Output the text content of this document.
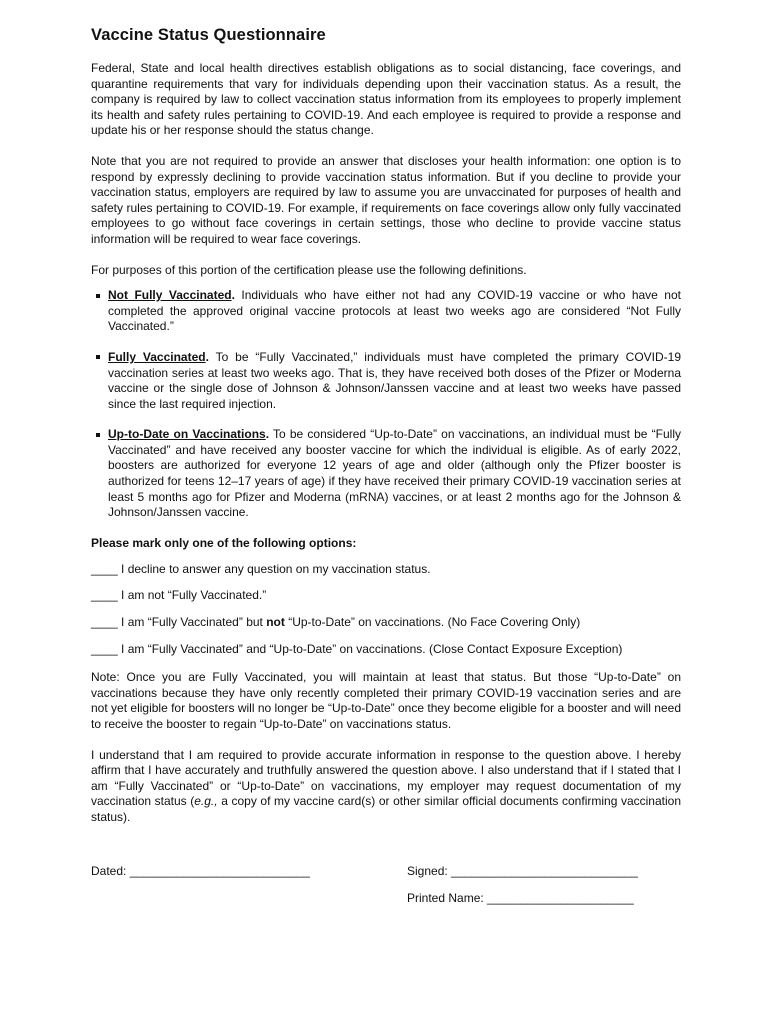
Vaccine Status Questionnaire

Federal, State and local health directives establish obligations as to social distancing, face coverings, and quarantine requirements that vary for individuals depending upon their vaccination status. As a result, the company is required by law to collect vaccination status information from its employees to properly implement its health and safety rules pertaining to COVID-19. And each employee is required to provide a response and update his or her response should the status change.

Note that you are not required to provide an answer that discloses your health information: one option is to respond by expressly declining to provide vaccination status information. But if you decline to provide your vaccination status, employers are required by law to assume you are unvaccinated for purposes of health and safety rules pertaining to COVID-19. For example, if requirements on face coverings allow only fully vaccinated employees to go without face coverings in certain settings, those who decline to provide vaccine status information will be required to wear face coverings.

For purposes of this portion of the certification please use the following definitions.

Not Fully Vaccinated. Individuals who have either not had any COVID-19 vaccine or who have not completed the approved original vaccine protocols at least two weeks ago are considered “Not Fully Vaccinated.”
Fully Vaccinated. To be “Fully Vaccinated,” individuals must have completed the primary COVID-19 vaccination series at least two weeks ago. That is, they have received both doses of the Pfizer or Moderna vaccine or the single dose of Johnson & Johnson/Janssen vaccine and at least two weeks have passed since the last required injection.
Up-to-Date on Vaccinations. To be considered “Up-to-Date” on vaccinations, an individual must be “Fully Vaccinated” and have received any booster vaccine for which the individual is eligible. As of early 2022, boosters are authorized for everyone 12 years of age and older (although only the Pfizer booster is authorized for teens 12–17 years of age) if they have received their primary COVID-19 vaccination series at least 5 months ago for Pfizer and Moderna (mRNA) vaccines, or at least 2 months ago for the Johnson & Johnson/Janssen vaccine.
Please mark only one of the following options:
____ I decline to answer any question on my vaccination status.
____ I am not “Fully Vaccinated.”
____ I am “Fully Vaccinated” but not “Up-to-Date” on vaccinations. (No Face Covering Only)
____ I am “Fully Vaccinated” and “Up-to-Date” on vaccinations. (Close Contact Exposure Exception)

Note: Once you are Fully Vaccinated, you will maintain at least that status. But those “Up-to-Date” on vaccinations because they have only recently completed their primary COVID-19 vaccination series and are not yet eligible for boosters will no longer be “Up-to-Date” once they become eligible for a booster and will need to receive the booster to regain “Up-to-Date” on vaccinations status.

I understand that I am required to provide accurate information in response to the question above. I hereby affirm that I have accurately and truthfully answered the question above. I also understand that if I stated that I am “Fully Vaccinated” or “Up-to-Date” on vaccinations, my employer may request documentation of my vaccination status (e.g., a copy of my vaccine card(s) or other similar official documents confirming vaccination status).

Dated: ___________________________	Signed: ____________________________
Printed Name: ______________________
